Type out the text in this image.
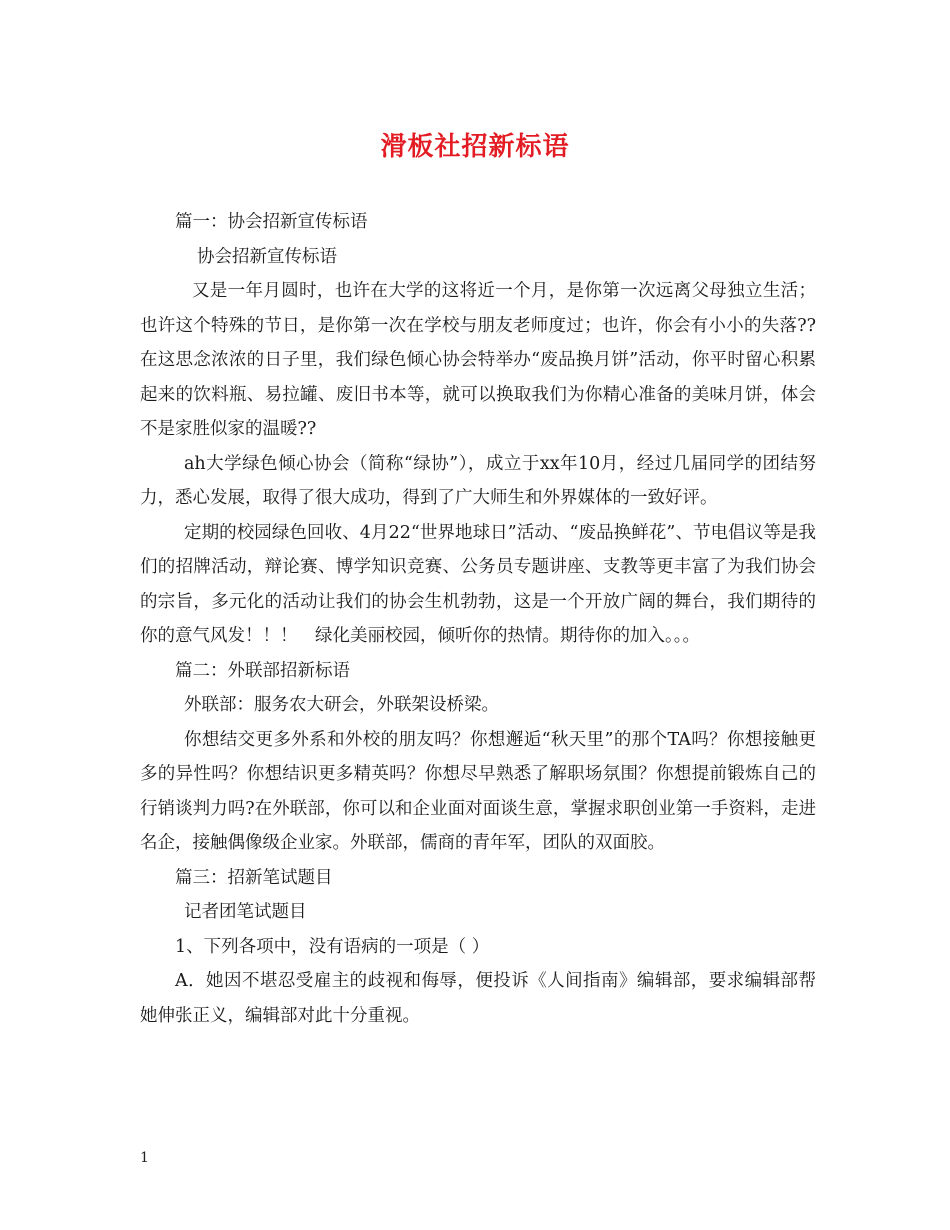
滑板社招新标语

篇一：协会招新宣传标语

协会招新宣传标语

又是一年月圆时，也许在大学的这将近一个月，是你第一次远离父母独立生活；也许这个特殊的节日，是你第一次在学校与朋友老师度过；也许，你会有小小的失落??在这思念浓浓的日子里，我们绿色倾心协会特举办“废品换月饼”活动，你平时留心积累起来的饮料瓶、易拉罐、废旧书本等，就可以换取我们为你精心准备的美味月饼，体会不是家胜似家的温暖??

ah大学绿色倾心协会（简称“绿协”），成立于xx年10月，经过几届同学的团结努力，悉心发展，取得了很大成功，得到了广大师生和外界媒体的一致好评。

定期的校园绿色回收、4月22“世界地球日”活动、“废品换鲜花”、节电倡议等是我们的招牌活动，辩论赛、博学知识竞赛、公务员专题讲座、支教等更丰富了为我们协会的宗旨，多元化的活动让我们的协会生机勃勃，这是一个开放广阔的舞台，我们期待的你的意气风发！！！　绿化美丽校园，倾听你的热情。期待你的加入。。。

篇二：外联部招新标语

外联部：服务农大研会，外联架设桥梁。

你想结交更多外系和外校的朋友吗？你想邂逅“秋天里”的那个TA吗？你想接触更多的异性吗？你想结识更多精英吗？你想尽早熟悉了解职场氛围？你想提前锻炼自己的行销谈判力吗?在外联部，你可以和企业面对面谈生意，掌握求职创业第一手资料，走进名企，接触偶像级企业家。外联部，儒商的青年军，团队的双面胶。

篇三：招新笔试题目

记者团笔试题目

1、下列各项中，没有语病的一项是（ ）

A．她因不堪忍受雇主的歧视和侮辱，便投诉《人间指南》编辑部，要求编辑部帮她伸张正义，编辑部对此十分重视。

1
